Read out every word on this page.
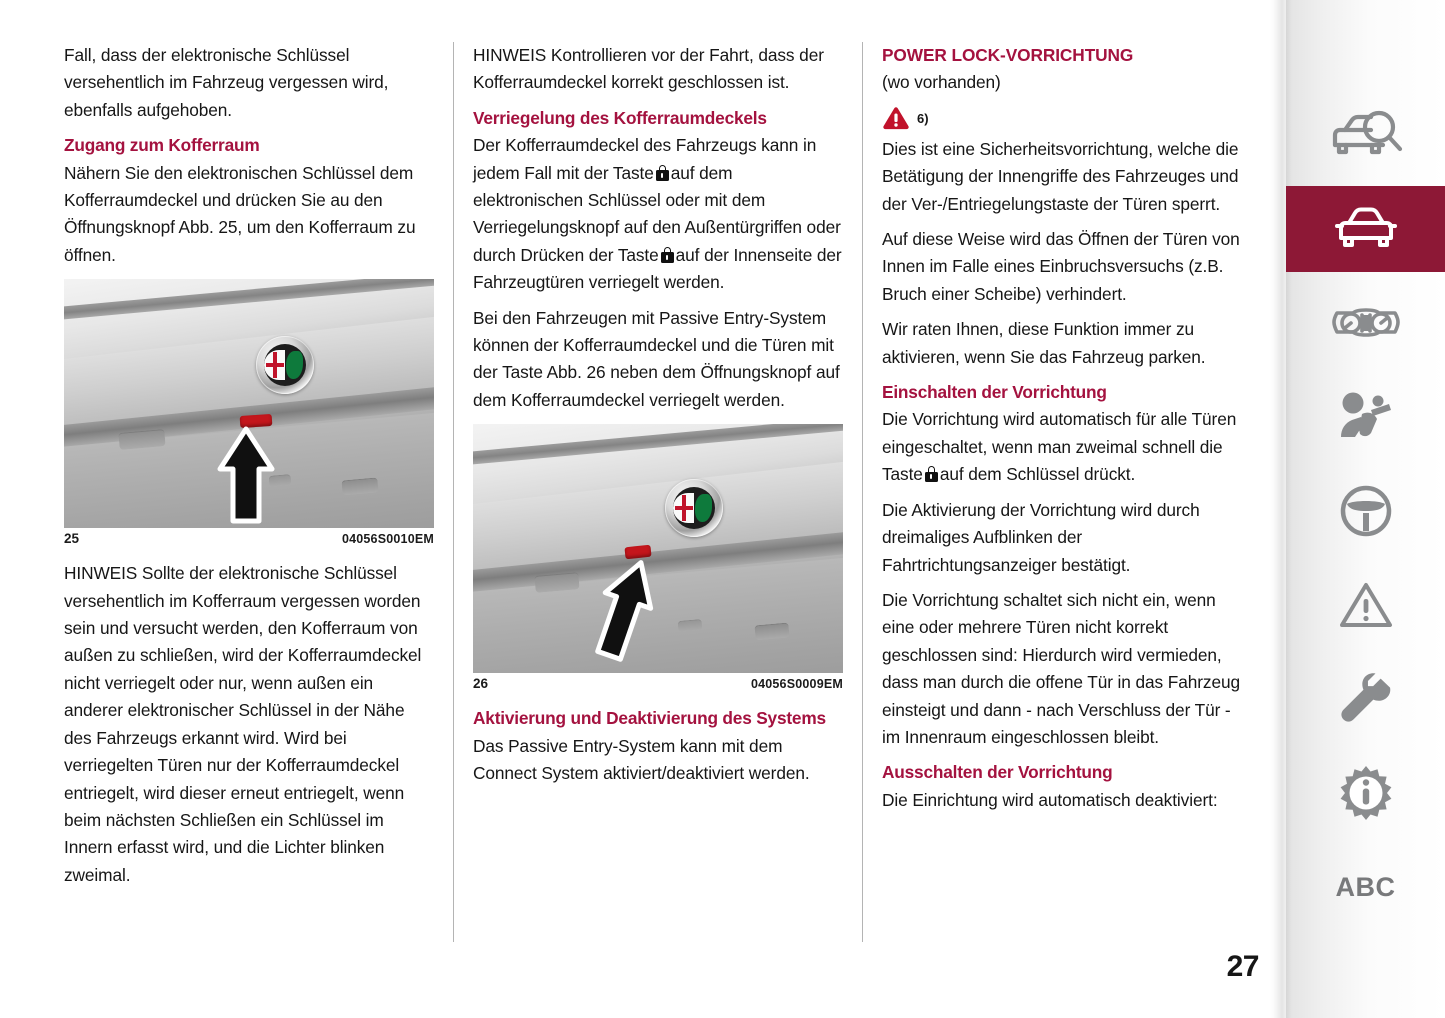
Fall, dass der elektronische Schlüssel versehentlich im Fahrzeug vergessen wird, ebenfalls aufgehoben.

Zugang zum Kofferraum

Nähern Sie den elektronischen Schlüssel dem Kofferraumdeckel und drücken Sie au den Öffnungsknopf Abb. 25, um den Kofferraum zu öffnen.

25	04056S0010EM

HINWEIS Sollte der elektronische Schlüssel versehentlich im Kofferraum vergessen worden sein und versucht werden, den Kofferraum von außen zu schließen, wird der Kofferraumdeckel nicht verriegelt oder nur, wenn außen ein anderer elektronischer Schlüssel in der Nähe des Fahrzeugs erkannt wird. Wird bei verriegelten Türen nur der Kofferraumdeckel entriegelt, wird dieser erneut entriegelt, wenn beim nächsten Schließen ein Schlüssel im Innern erfasst wird, und die Lichter blinken zweimal.

HINWEIS Kontrollieren vor der Fahrt, dass der Kofferraumdeckel korrekt geschlossen ist.

Verriegelung des Kofferraumdeckels

Der Kofferraumdeckel des Fahrzeugs kann in jedem Fall mit der Taste auf dem elektronischen Schlüssel oder mit dem Verriegelungsknopf auf den Außentürgriffen oder durch Drücken der Taste auf der Innenseite der Fahrzeugtüren verriegelt werden.

Bei den Fahrzeugen mit Passive Entry-System können der Kofferraumdeckel und die Türen mit der Taste Abb. 26 neben dem Öffnungsknopf auf dem Kofferraumdeckel verriegelt werden.

26	04056S0009EM
Aktivierung und Deaktivierung des Systems

Das Passive Entry-System kann mit dem Connect System aktiviert/deaktiviert werden.

POWER LOCK-VORRICHTUNG

(wo vorhanden)

6)

Dies ist eine Sicherheitsvorrichtung, welche die Betätigung der Innengriffe des Fahrzeuges und der Ver-/Entriegelungstaste der Türen sperrt.

Auf diese Weise wird das Öffnen der Türen von Innen im Falle eines Einbruchsversuchs (z.B. Bruch einer Scheibe) verhindert.

Wir raten Ihnen, diese Funktion immer zu aktivieren, wenn Sie das Fahrzeug parken.

Einschalten der Vorrichtung

Die Vorrichtung wird automatisch für alle Türen eingeschaltet, wenn man zweimal schnell die Taste auf dem Schlüssel drückt.

Die Aktivierung der Vorrichtung wird durch dreimaliges Aufblinken der Fahrtrichtungsanzeiger bestätigt.

Die Vorrichtung schaltet sich nicht ein, wenn eine oder mehrere Türen nicht korrekt geschlossen sind: Hierdurch wird vermieden, dass man durch die offene Tür in das Fahrzeug einsteigt und dann - nach Verschluss der Tür - im Innenraum eingeschlossen bleibt.

Ausschalten der Vorrichtung

Die Einrichtung wird automatisch deaktiviert:

27
ABC
